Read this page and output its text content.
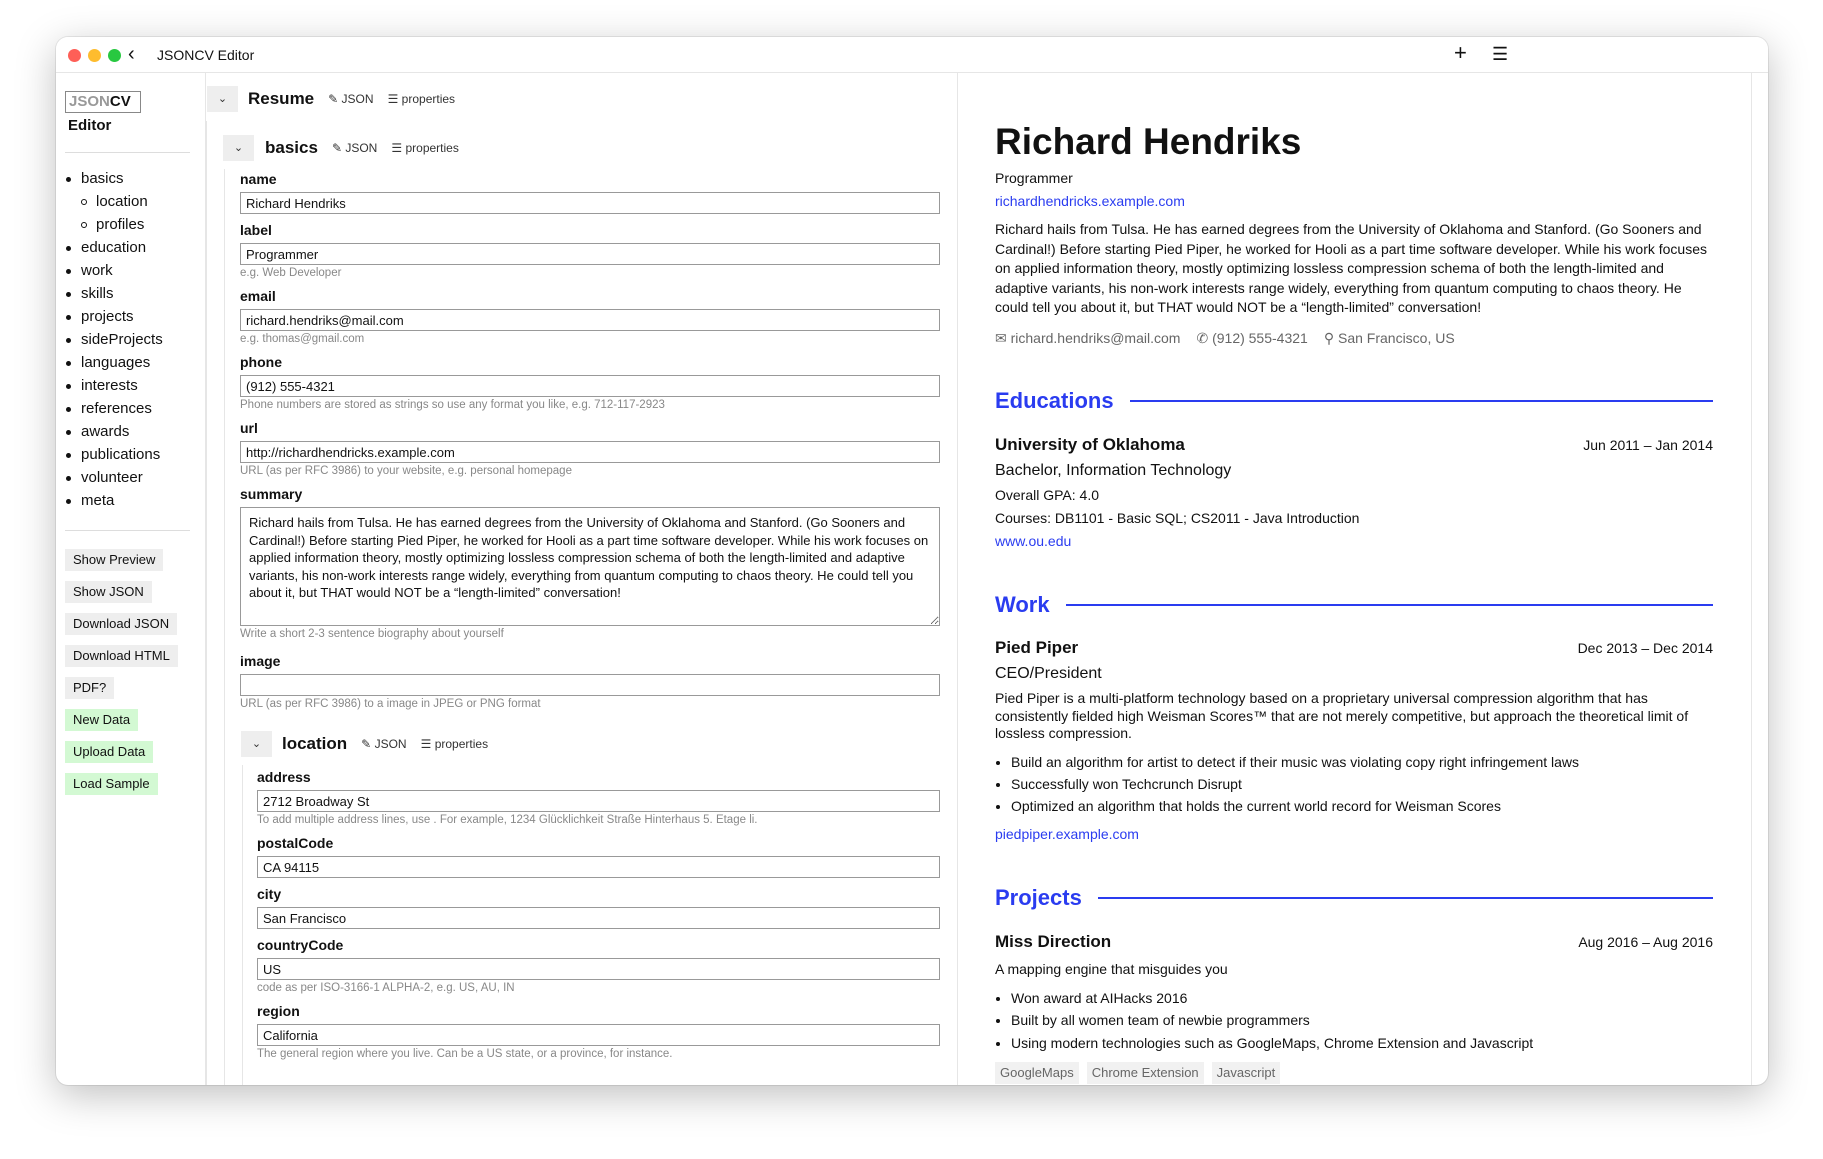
‹ JSONCV Editor	+ ☰
JSONCV
Editor
basics
location
profiles
education
work
skills
projects
sideProjects
languages
interests
references
awards
publications
volunteer
meta
Show Preview
Show JSON
Download JSON
Download HTML
PDF?
New Data
Upload Data
Load Sample
⌄	Resume ✎ JSON ☰ properties
⌄	basics ✎ JSON ☰ properties
name
Richard Hendriks
label
Programmer
e.g. Web Developer
email
richard.hendriks@mail.com
e.g. thomas@gmail.com
phone
(912) 555-4321
Phone numbers are stored as strings so use any format you like, e.g. 712-117-2923
url
http://richardhendricks.example.com
URL (as per RFC 3986) to your website, e.g. personal homepage
summary
Richard hails from Tulsa. He has earned degrees from the University of Oklahoma and Stanford. (Go Sooners and Cardinal!) Before starting Pied Piper, he worked for Hooli as a part time software developer. While his work focuses on applied information theory, mostly optimizing lossless compression schema of both the length-limited and adaptive variants, his non-work interests range widely, everything from quantum computing to chaos theory. He could tell you about it, but THAT would NOT be a “length-limited” conversation!
Write a short 2-3 sentence biography about yourself
image
URL (as per RFC 3986) to a image in JPEG or PNG format
⌄	location ✎ JSON ☰ properties
address
2712 Broadway St
To add multiple address lines, use . For example, 1234 Glücklichkeit Straße Hinterhaus 5. Etage li.
postalCode
CA 94115
city
San Francisco
countryCode
US
code as per ISO-3166-1 ALPHA-2, e.g. US, AU, IN
region
California
The general region where you live. Can be a US state, or a province, for instance.
Richard Hendriks
Programmer
richardhendricks.example.com
Richard hails from Tulsa. He has earned degrees from the University of Oklahoma and Stanford. (Go Sooners and Cardinal!) Before starting Pied Piper, he worked for Hooli as a part time software developer. While his work focuses on applied information theory, mostly optimizing lossless compression schema of both the length-limited and adaptive variants, his non-work interests range widely, everything from quantum computing to chaos theory. He could tell you about it, but THAT would NOT be a “length-limited” conversation!
✉ richard.hendriks@mail.com ✆ (912) 555-4321 ⚲ San Francisco, US
Educations
University of Oklahoma	Jun 2011 – Jan 2014
Bachelor, Information Technology
Overall GPA: 4.0
Courses: DB1101 - Basic SQL; CS2011 - Java Introduction
www.ou.edu
Work
Pied Piper	Dec 2013 – Dec 2014
CEO/President
Pied Piper is a multi-platform technology based on a proprietary universal compression algorithm that has consistently fielded high Weisman Scores™ that are not merely competitive, but approach the theoretical limit of lossless compression.
• Build an algorithm for artist to detect if their music was violating copy right infringement laws
• Successfully won Techcrunch Disrupt
• Optimized an algorithm that holds the current world record for Weisman Scores
piedpiper.example.com
Projects
Miss Direction	Aug 2016 – Aug 2016
A mapping engine that misguides you
• Won award at AIHacks 2016
• Built by all women team of newbie programmers
• Using modern technologies such as GoogleMaps, Chrome Extension and Javascript
GoogleMaps Chrome Extension Javascript
